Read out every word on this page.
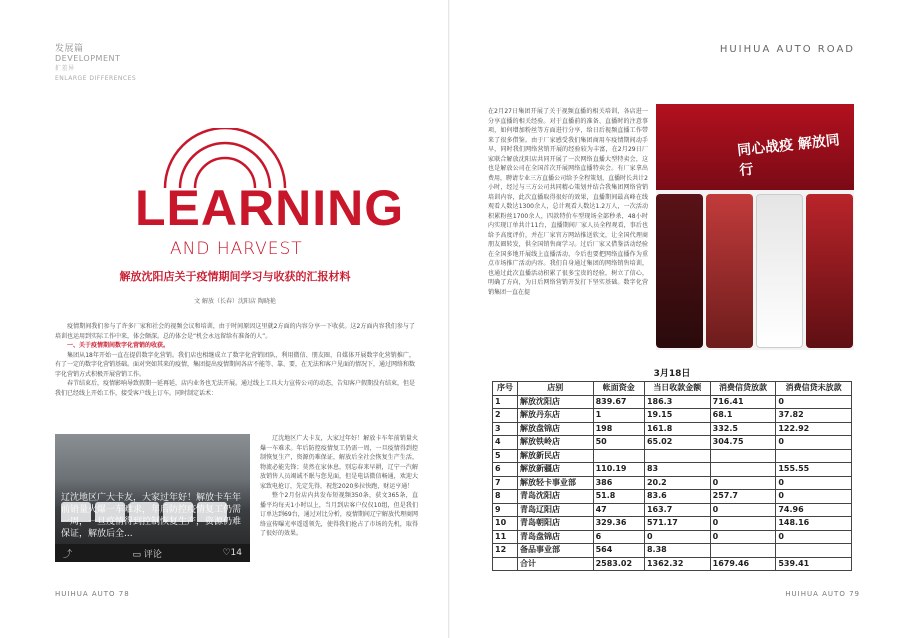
发展篇
DEVELOPMENT
扩差异
ENLARGE DIFFERENCES
LEARNING
AND HARVEST
解放沈阳店关于疫情期间学习与收获的汇报材料
文 解放（长春）沈阳店 陶晓艳
疫情期间我们参与了许多厂家和社会的视频会议和培训，由于时间原因这里就2方面的内容分享一下收获。这2方面内容我们参与了培训也运用到实际工作中来，体会颇深。总的体会是“机会永远留给有准备的人”。
一、关于疫情期间数字化营销的收获。
集团从18年开始一直在提倡数字化营销。我们店也相继成立了数字化营销团队，利用微信、朋友圈、自媒体开展数字化营销推广，有了一定的数字化营销基础。面对突如其来的疫情，集团提出疫情期间各店不能等、靠、要，在无法和客户见面的情况下，通过网络和数字化营销方式积极开展营销工作。
春节结束后，疫情影响导致假期一延再延，店内业务也无法开展。通过线上工具大力宣传公司的动态，告知客户假期没有结束，但是我们已经线上开始工作，接受客户线上订车。同时制定话术：
辽沈地区广大卡友，大家过年好！解放卡车年前销量火爆一车难求，年后防控疫情复工仍需一周，一旦疫情得到控制恢复生产，资源仍难保证，解放后全...
⤴	▭ 评论	♡14
辽沈地区广大卡友，大家过年好！解放卡车年前销量火爆一车难求。年后防控疫情复工仍需一周，一旦疫情得到控制恢复生产，资源仍难保证，解放后全社会恢复生产生活，物流必能先锋；莫然在家休息，别忘春来早耕，辽宁一汽解放销售人员竭诚不眠与您见面，但是电话微信畅通，欢迎大家致电抢订，先定先得，祝您2020多拉快跑，财运亨通！
整个2月份店内共发布短视频350条，获文365条，直播平均每天1小时以上，当月到店客户仅仅10组，但是我们订单达到69台，通过对比分析，疫情期间辽宁解放代理商网络宣传曝光率遥遥领先，使得我们抢占了市场的先机，取得了很好的效果。
HUIHUA AUTO 78
HUIHUA AUTO ROAD
在2月27日集团开展了关于视频直播的相关培训，各店进一分享直播的相关经验。对于直播前的准备、直播时的注意事项，如何增加粉丝等方面进行分享，给日后视频直播工作带来了很多借鉴。由于厂家感受我们集团商用车疫情期间动手早，同时我们网络营销开展的经验较为丰富，在2月29日厂家联合解放沈阳店共同开展了一次网络直播大型特卖会，这也是解放公司在全国首次开展网络直播特卖会。有厂家拿出费用，聘请专业三方直播公司给予全程策划，直播时长共计2小时，经过与三方公司共同精心策划并结合我集团网络营销培训内容，此次直播取得很好的效果，直播期间最高峰在线观看人数达1300余人，总计观看人数达1.2万人，一次活动积累粉丝1700余人，四款特价车型现场全部秒杀，48小时内实现订单共计11台，直播期间厂家人员全程观看，事后也给予高度评价，并在厂家官方网站推送软文，让全国代理商朋友圈转发，供全国销售商学习。过后厂家又借鉴活动经验在全国多地开展线上直播活动，今后也要把网络直播作为重点市场推广活动内容。我们自身通过集团的网络销售培训，也通过此次直播活动积累了很多宝贵的经验，树立了信心，明确了方向，为日后网络营销开发打下坚实基础。数字化营销集团一直在提
同心战疫 解放同行
3月18日
序号	店别	帐面资金	当日收款金额	消费信贷放款	消费信贷未放款
1	解放沈阳店	839.67	186.3	716.41	0
2	解放丹东店	1	19.15	68.1	37.82
3	解放盘锦店	198	161.8	332.5	122.92
4	解放铁岭店	50	65.02	304.75	0
5	解放新民店				
6	解放新疆店	110.19	83		155.55
7	解放轻卡事业部	386	20.2	0	0
8	青岛沈阳店	51.8	83.6	257.7	0
9	青岛辽阳店	47	163.7	0	74.96
10	青岛朝阳店	329.36	571.17	0	148.16
11	青岛盘锦店	6	0	0	0
12	备品事业部	564	8.38		
	合计	2583.02	1362.32	1679.46	539.41
HUIHUA AUTO 79
